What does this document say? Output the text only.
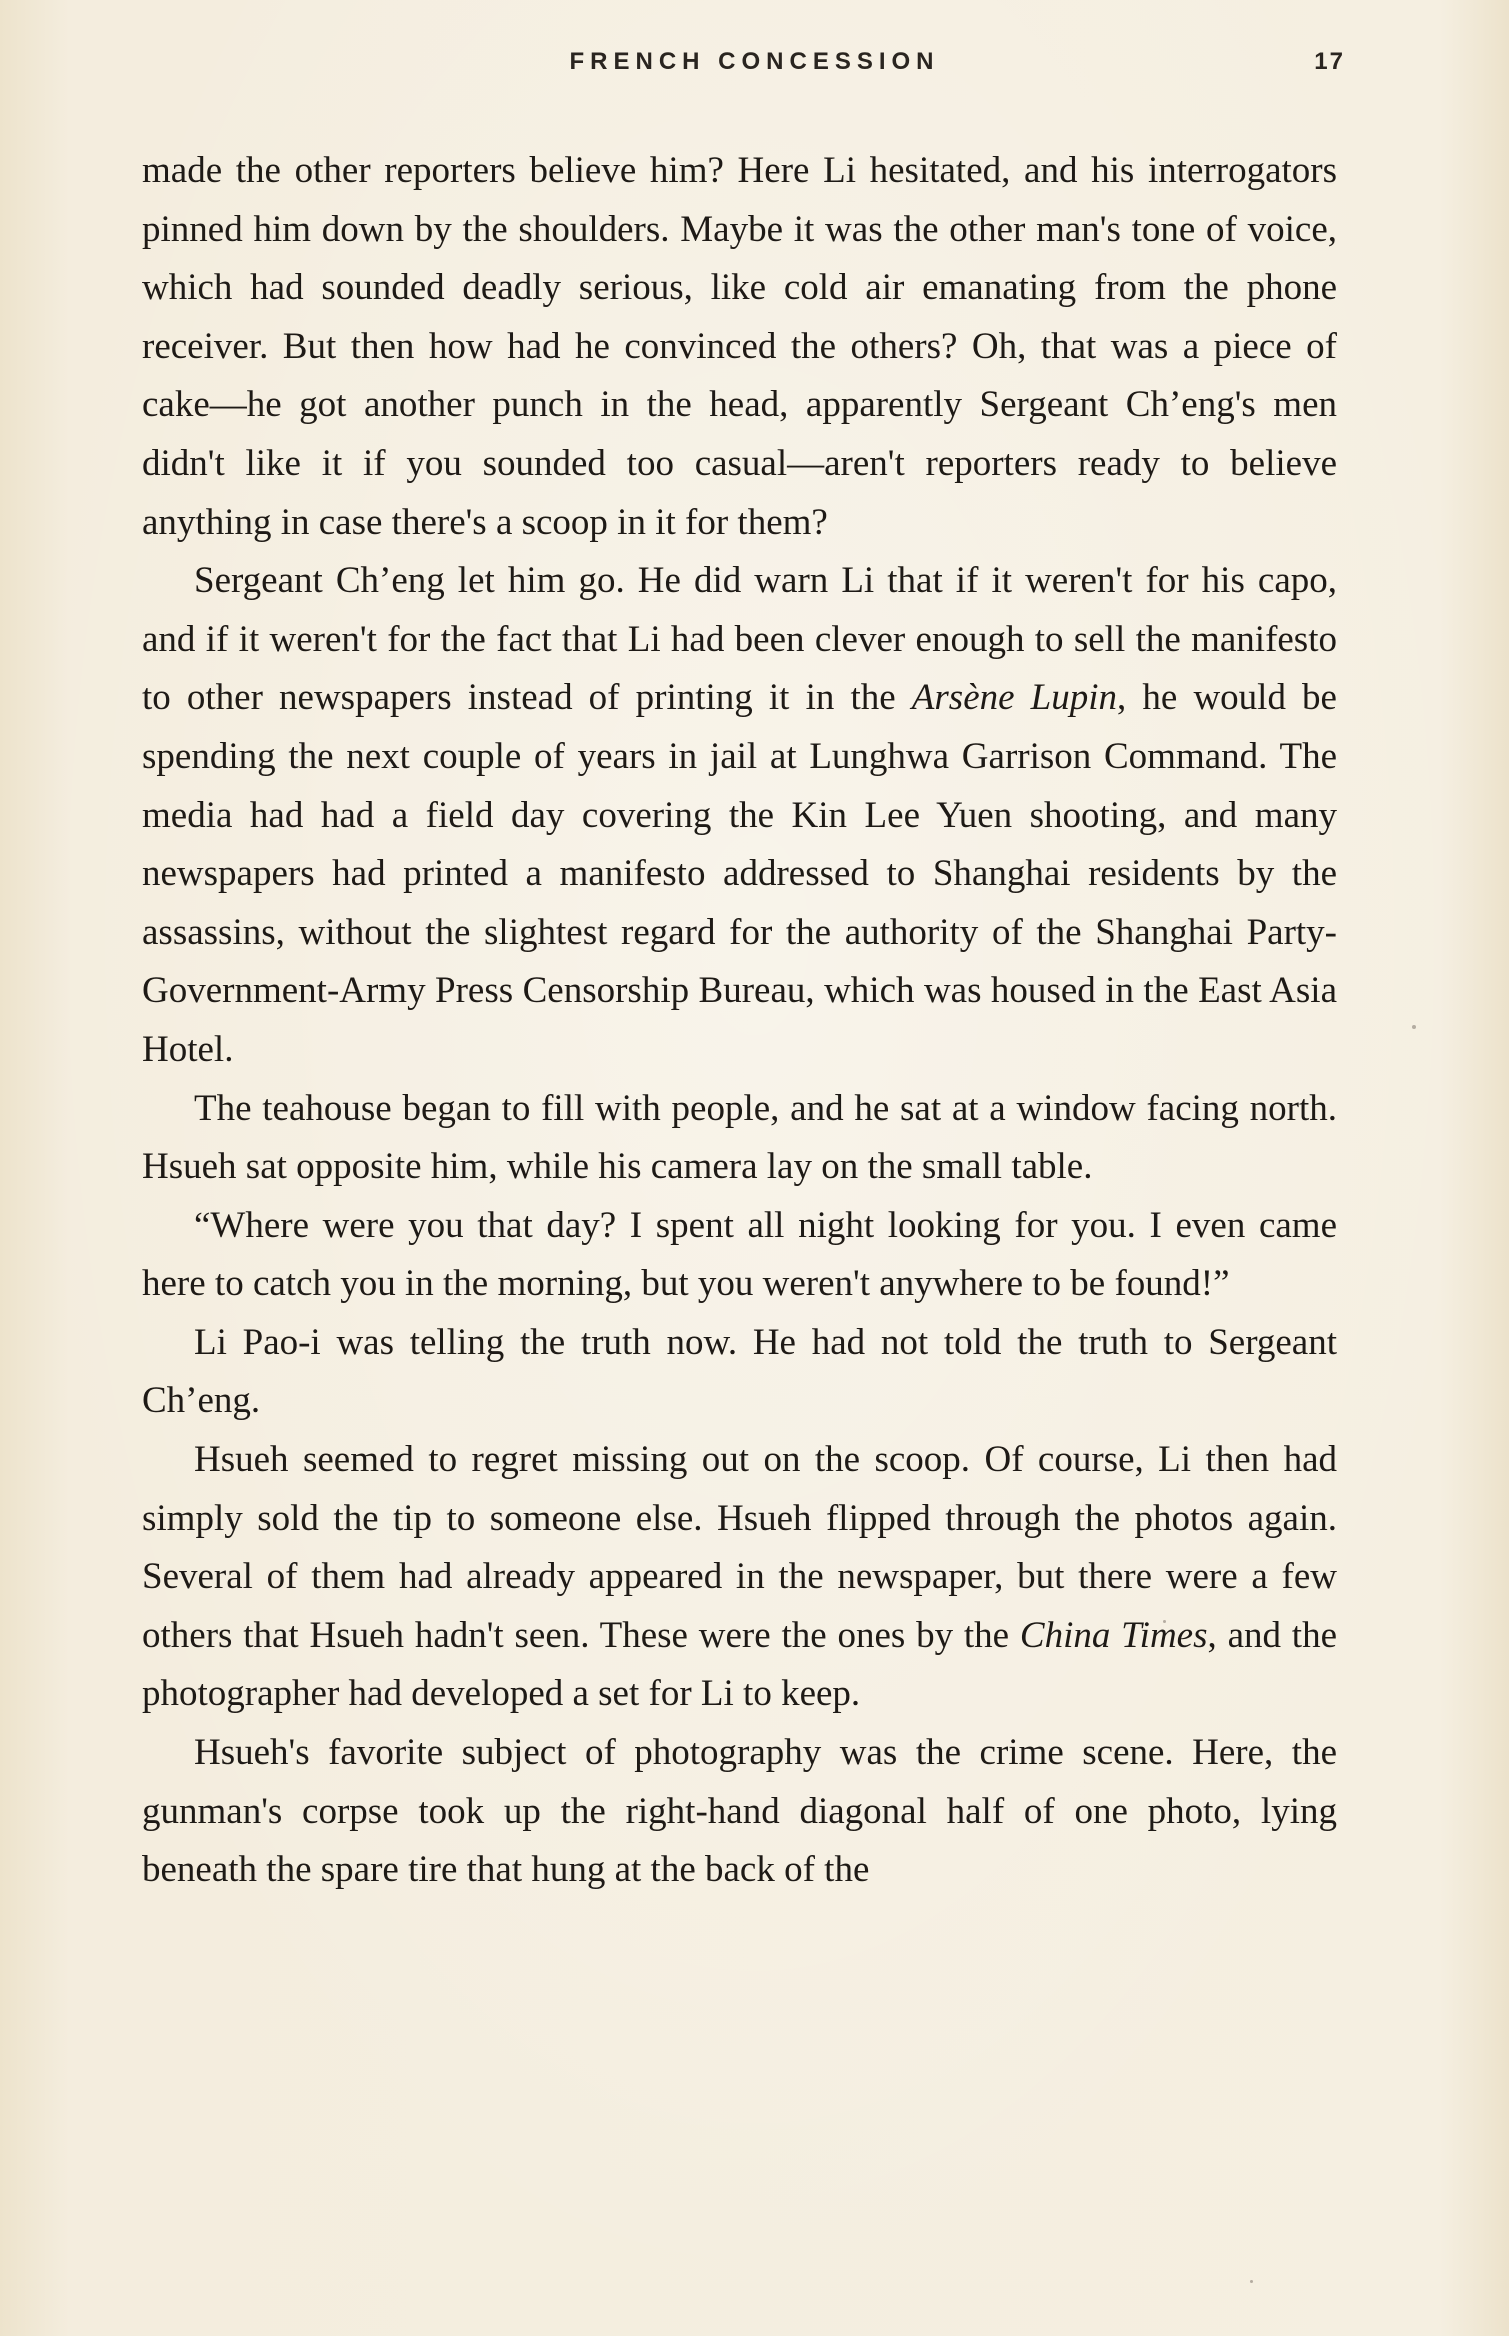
FRENCH CONCESSION	17

made the other reporters believe him? Here Li hesitated, and his interrogators pinned him down by the shoulders. Maybe it was the other man's tone of voice, which had sounded deadly serious, like cold air emanating from the phone receiver. But then how had he convinced the others? Oh, that was a piece of cake—he got another punch in the head, apparently Sergeant Ch’eng's men didn't like it if you sounded too casual—aren't reporters ready to believe anything in case there's a scoop in it for them?

Sergeant Ch’eng let him go. He did warn Li that if it weren't for his capo, and if it weren't for the fact that Li had been clever enough to sell the manifesto to other newspapers instead of printing it in the Arsène Lupin, he would be spending the next couple of years in jail at Lunghwa Garrison Command. The media had had a field day covering the Kin Lee Yuen shooting, and many newspapers had printed a manifesto addressed to Shanghai residents by the assassins, without the slightest regard for the authority of the Shanghai Party-Government-Army Press Censorship Bureau, which was housed in the East Asia Hotel.

The teahouse began to fill with people, and he sat at a window facing north. Hsueh sat opposite him, while his camera lay on the small table.

“Where were you that day? I spent all night looking for you. I even came here to catch you in the morning, but you weren't anywhere to be found!”

Li Pao-i was telling the truth now. He had not told the truth to Sergeant Ch’eng.

Hsueh seemed to regret missing out on the scoop. Of course, Li then had simply sold the tip to someone else. Hsueh flipped through the photos again. Several of them had already appeared in the newspaper, but there were a few others that Hsueh hadn't seen. These were the ones by the China Times, and the photographer had developed a set for Li to keep.

Hsueh's favorite subject of photography was the crime scene. Here, the gunman's corpse took up the right-hand diagonal half of one photo, lying beneath the spare tire that hung at the back of the
